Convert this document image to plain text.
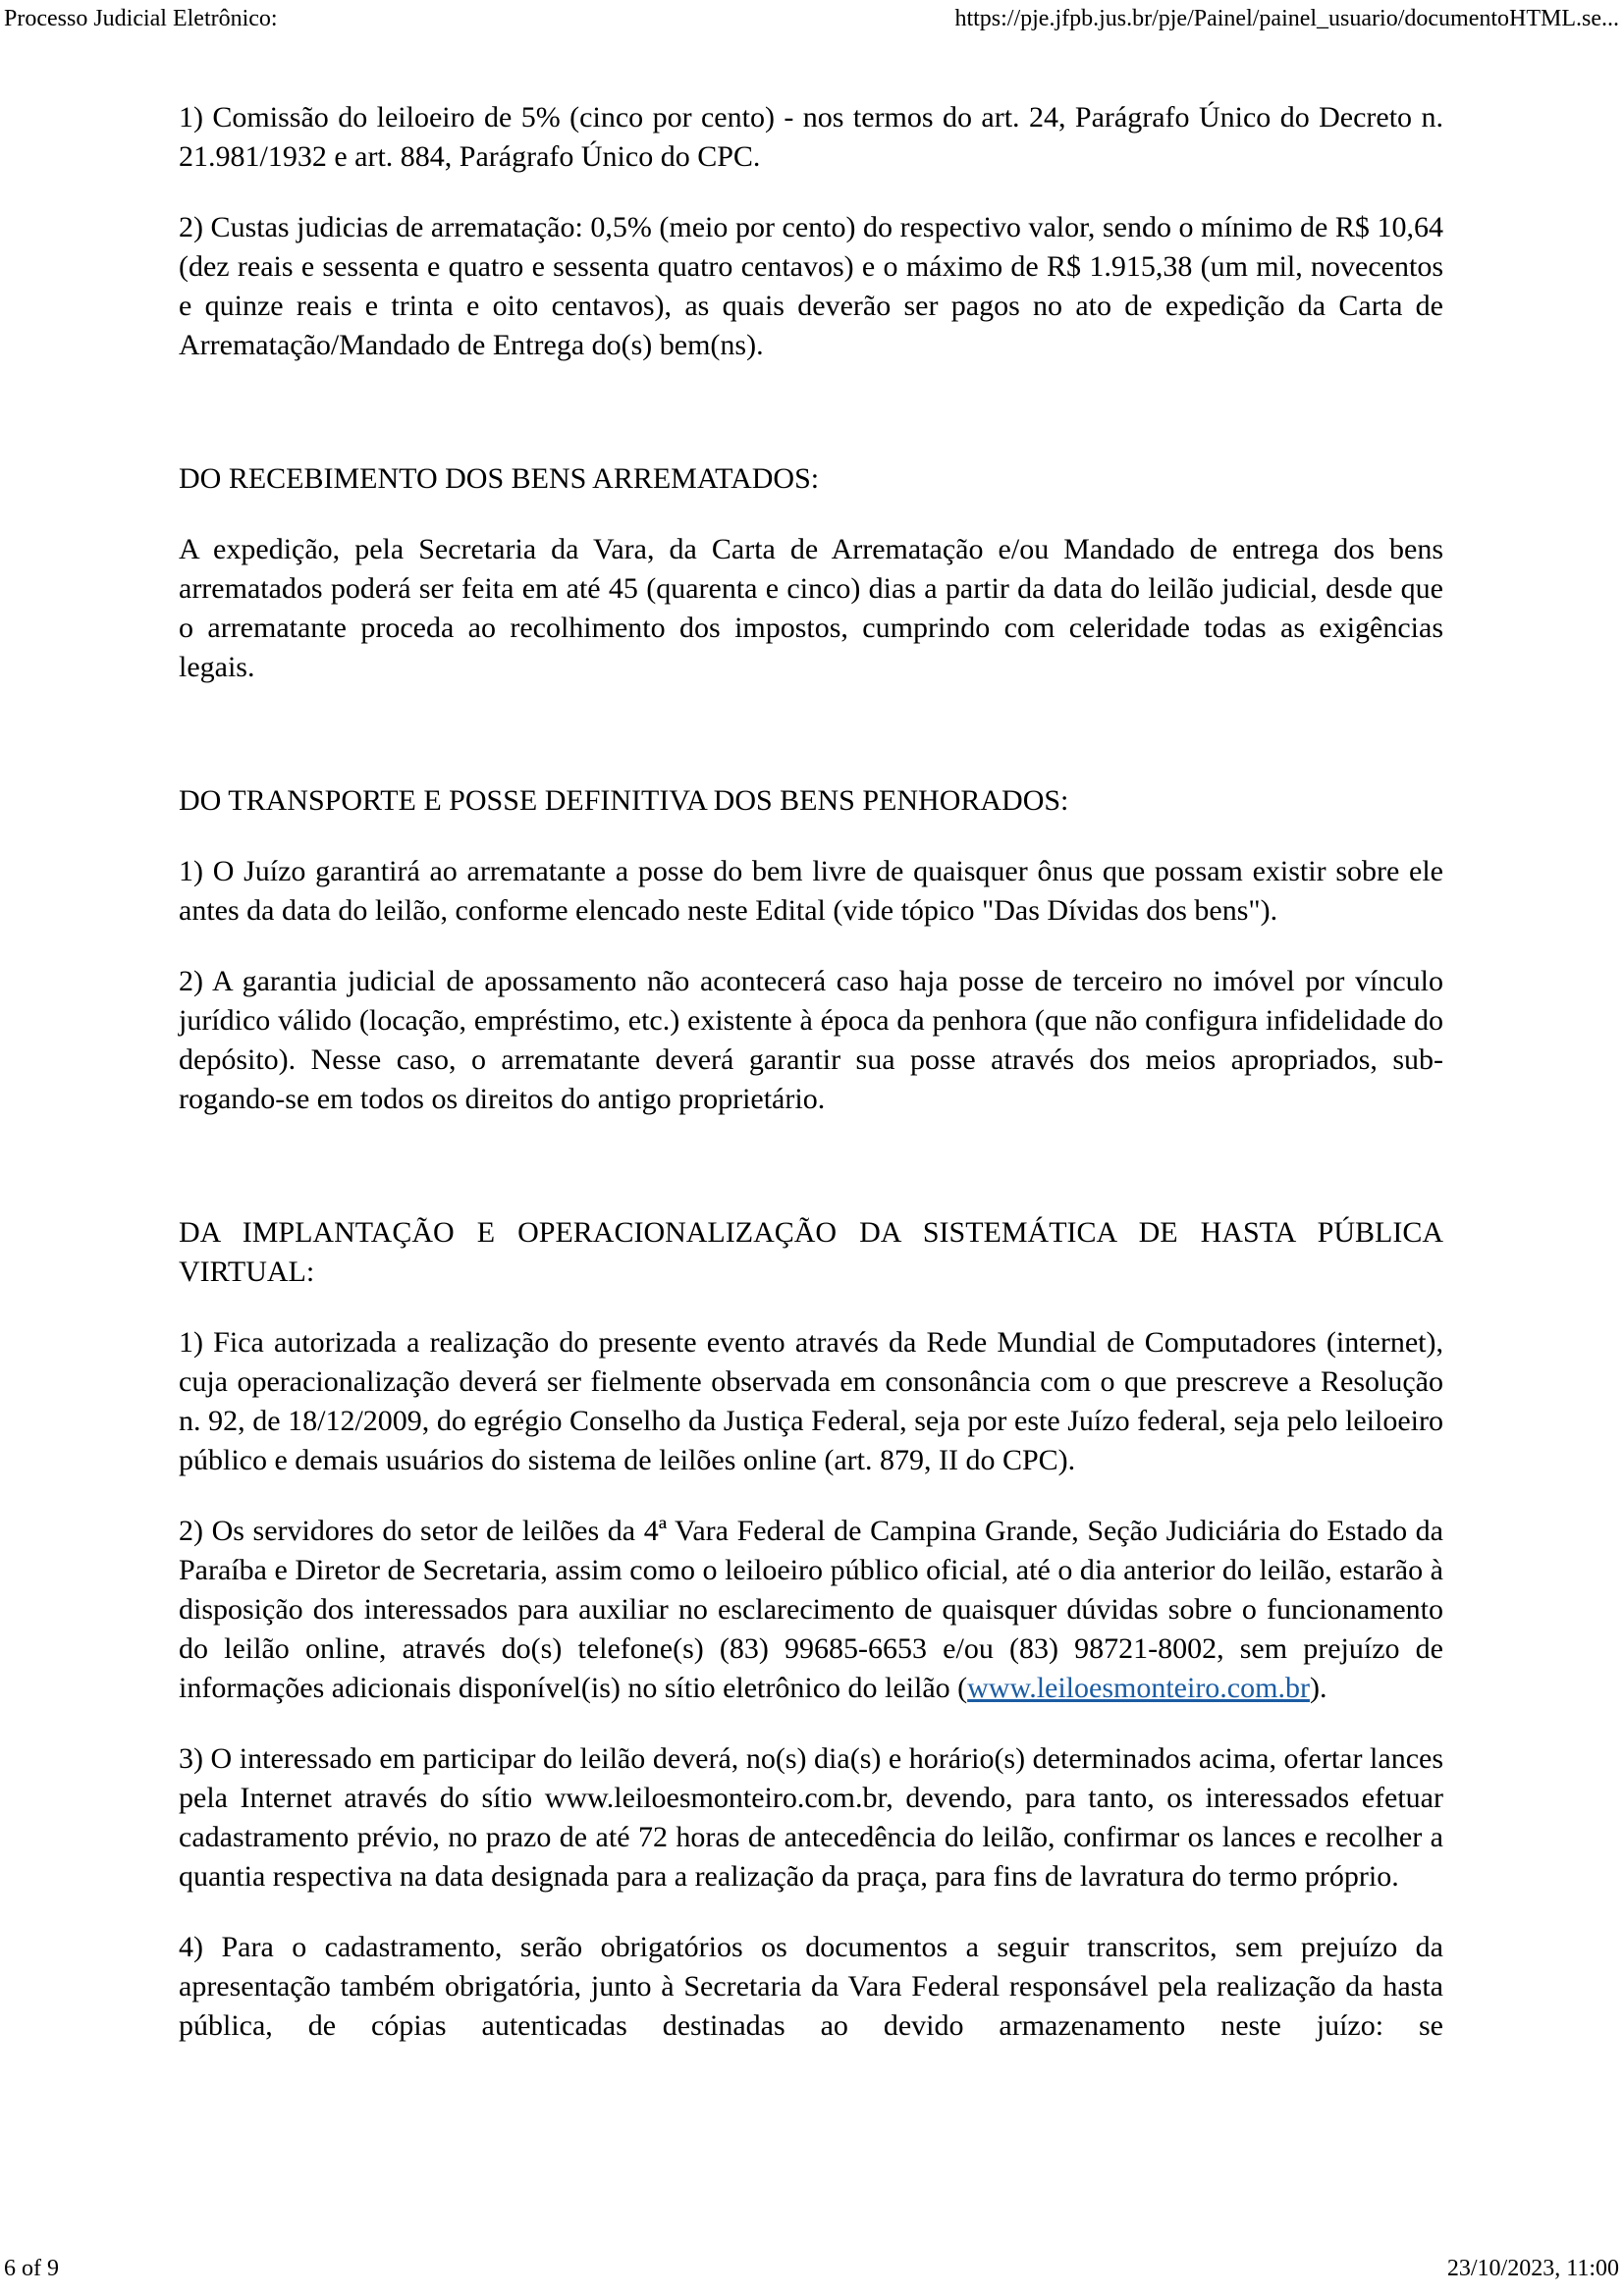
Processo Judicial Eletrônico:	https://pje.jfpb.jus.br/pje/Painel/painel_usuario/documentoHTML.se...

1) Comissão do leiloeiro de 5% (cinco por cento) - nos termos do art. 24, Parágrafo Único do Decreto n. 21.981/1932 e art. 884, Parágrafo Único do CPC.

2) Custas judicias de arrematação: 0,5% (meio por cento) do respectivo valor, sendo o mínimo de R$ 10,64 (dez reais e sessenta e quatro e sessenta quatro centavos) e o máximo de R$ 1.915,38 (um mil, novecentos e quinze reais e trinta e oito centavos), as quais deverão ser pagos no ato de expedição da Carta de Arrematação/Mandado de Entrega do(s) bem(ns).

DO RECEBIMENTO DOS BENS ARREMATADOS:

A expedição, pela Secretaria da Vara, da Carta de Arrematação e/ou Mandado de entrega dos bens arrematados poderá ser feita em até 45 (quarenta e cinco) dias a partir da data do leilão judicial, desde que o arrematante proceda ao recolhimento dos impostos, cumprindo com celeridade todas as exigências legais.

DO TRANSPORTE E POSSE DEFINITIVA DOS BENS PENHORADOS:

1) O Juízo garantirá ao arrematante a posse do bem livre de quaisquer ônus que possam existir sobre ele antes da data do leilão, conforme elencado neste Edital (vide tópico "Das Dívidas dos bens").

2) A garantia judicial de apossamento não acontecerá caso haja posse de terceiro no imóvel por vínculo jurídico válido (locação, empréstimo, etc.) existente à época da penhora (que não configura infidelidade do depósito). Nesse caso, o arrematante deverá garantir sua posse através dos meios apropriados, sub-rogando-se em todos os direitos do antigo proprietário.

DA IMPLANTAÇÃO E OPERACIONALIZAÇÃO DA SISTEMÁTICA DE HASTA PÚBLICA VIRTUAL:

1) Fica autorizada a realização do presente evento através da Rede Mundial de Computadores (internet), cuja operacionalização deverá ser fielmente observada em consonância com o que prescreve a Resolução n. 92, de 18/12/2009, do egrégio Conselho da Justiça Federal, seja por este Juízo federal, seja pelo leiloeiro público e demais usuários do sistema de leilões online (art. 879, II do CPC).

2) Os servidores do setor de leilões da 4ª Vara Federal de Campina Grande, Seção Judiciária do Estado da Paraíba e Diretor de Secretaria, assim como o leiloeiro público oficial, até o dia anterior do leilão, estarão à disposição dos interessados para auxiliar no esclarecimento de quaisquer dúvidas sobre o funcionamento do leilão online, através do(s) telefone(s) (83) 99685-6653 e/ou (83) 98721-8002, sem prejuízo de informações adicionais disponível(is) no sítio eletrônico do leilão (www.leiloesmonteiro.com.br).

3) O interessado em participar do leilão deverá, no(s) dia(s) e horário(s) determinados acima, ofertar lances pela Internet através do sítio www.leiloesmonteiro.com.br, devendo, para tanto, os interessados efetuar cadastramento prévio, no prazo de até 72 horas de antecedência do leilão, confirmar os lances e recolher a quantia respectiva na data designada para a realização da praça, para fins de lavratura do termo próprio.

4) Para o cadastramento, serão obrigatórios os documentos a seguir transcritos, sem prejuízo da apresentação também obrigatória, junto à Secretaria da Vara Federal responsável pela realização da hasta pública, de cópias autenticadas destinadas ao devido armazenamento neste juízo: se

6 of 9	23/10/2023, 11:00
